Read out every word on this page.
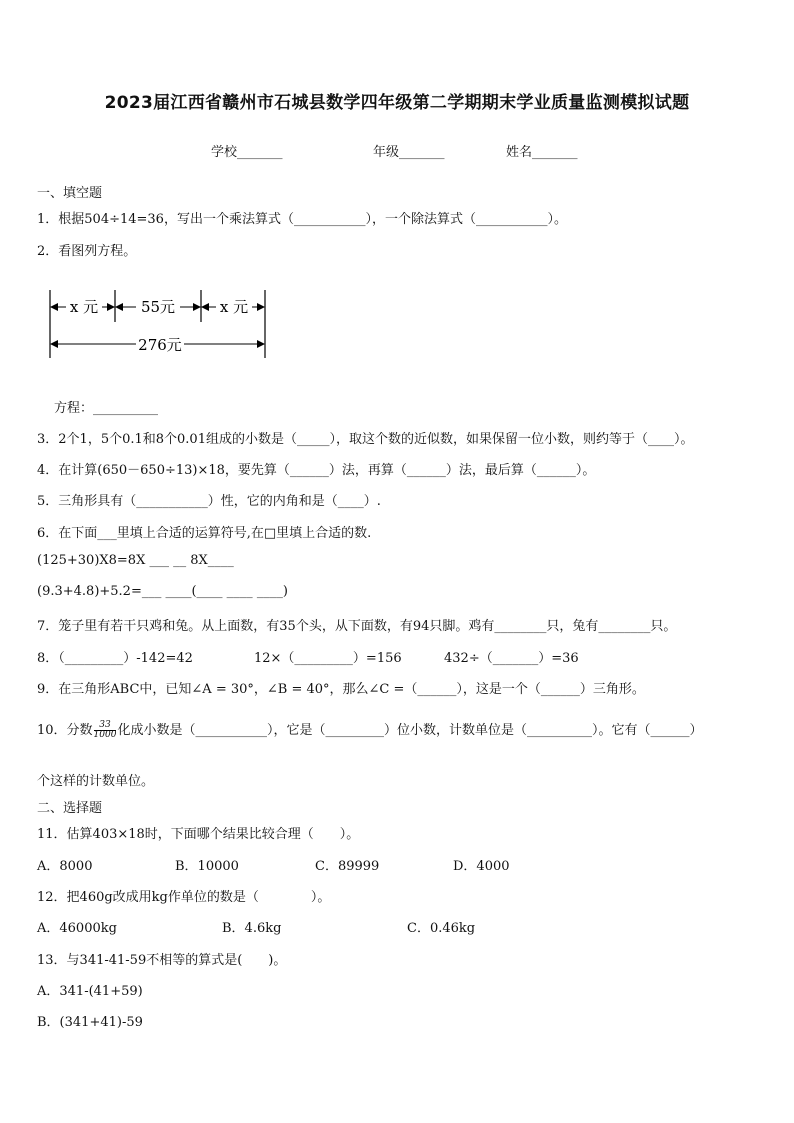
2023届江西省赣州市石城县数学四年级第二学期期末学业质量监测模拟试题
学校_______	年级_______	姓名_______
一、填空题
1．根据504÷14=36，写出一个乘法算式（___________），一个除法算式（___________）。
2．看图列方程。
x 元	55元	x 元
276元
方程：__________
3．2个1，5个0.1和8个0.01组成的小数是（_____），取这个数的近似数，如果保留一位小数，则约等于（____）。
4．在计算(650－650÷13)×18，要先算（______）法，再算（______）法，最后算（______）。
5．三角形具有（___________）性，它的内角和是（____）.
6．在下面___里填上合适的运算符号,在□里填上合适的数.
(125+30)X8=8X ___ __ 8X____
(9.3+4.8)+5.2=___ ____(____ ____ ____)
7．笼子里有若干只鸡和兔。从上面数，有35个头，从下面数，有94只脚。鸡有________只，兔有________只。
8．（_________）-142=42	12×（_________）=156	432÷（_______）=36
9．在三角形ABC中，已知∠A = 30°，∠B = 40°，那么∠C =（______），这是一个（______）三角形。
10．分数 $\frac{33}{1000}$ 化成小数是（___________），它是（_________）位小数，计数单位是（__________）。它有（______）
个这样的计数单位。
二、选择题
11．估算403×18时，下面哪个结果比较合理（　　）。
A．8000	B．10000	C．89999	D．4000
12．把460g改成用kg作单位的数是（　　　　）。
A．46000kg	B．4.6kg	C．0.46kg
13．与341-41-59不相等的算式是(　　)。
A．341-(41+59)
B．(341+41)-59
